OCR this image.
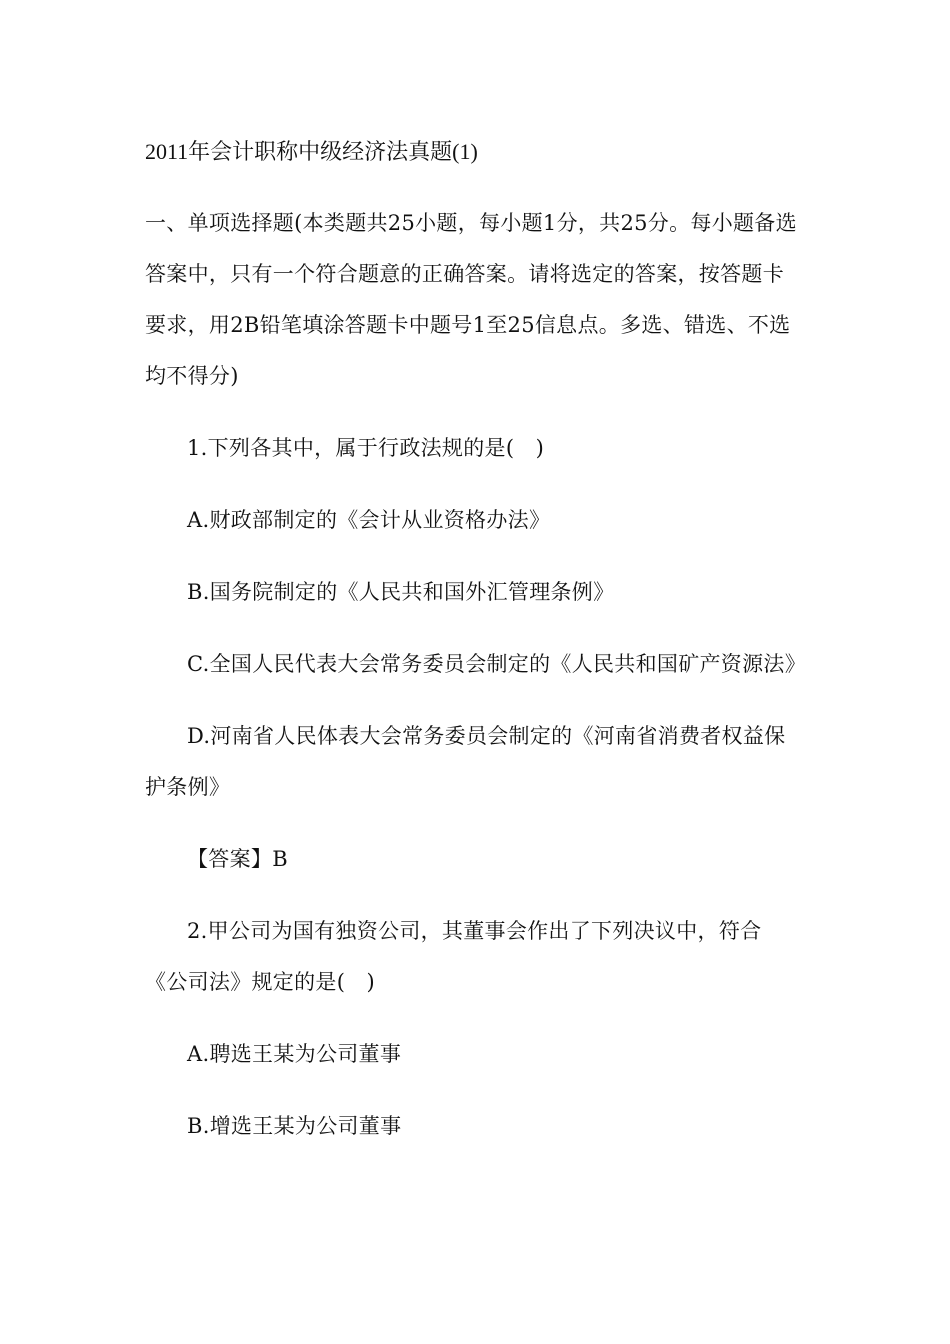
2011年会计职称中级经济法真题(1)

一、单项选择题(本类题共25小题，每小题1分，共25分。每小题备选答案中，只有一个符合题意的正确答案。请将选定的答案，按答题卡要求，用2B铅笔填涂答题卡中题号1至25信息点。多选、错选、不选均不得分)

1.下列各其中，属于行政法规的是(　)

A.财政部制定的《会计从业资格办法》

B.国务院制定的《人民共和国外汇管理条例》

C.全国人民代表大会常务委员会制定的《人民共和国矿产资源法》

D.河南省人民体表大会常务委员会制定的《河南省消费者权益保护条例》

【答案】B

2.甲公司为国有独资公司，其董事会作出了下列决议中，符合《公司法》规定的是(　)

A.聘选王某为公司董事

B.增选王某为公司董事
